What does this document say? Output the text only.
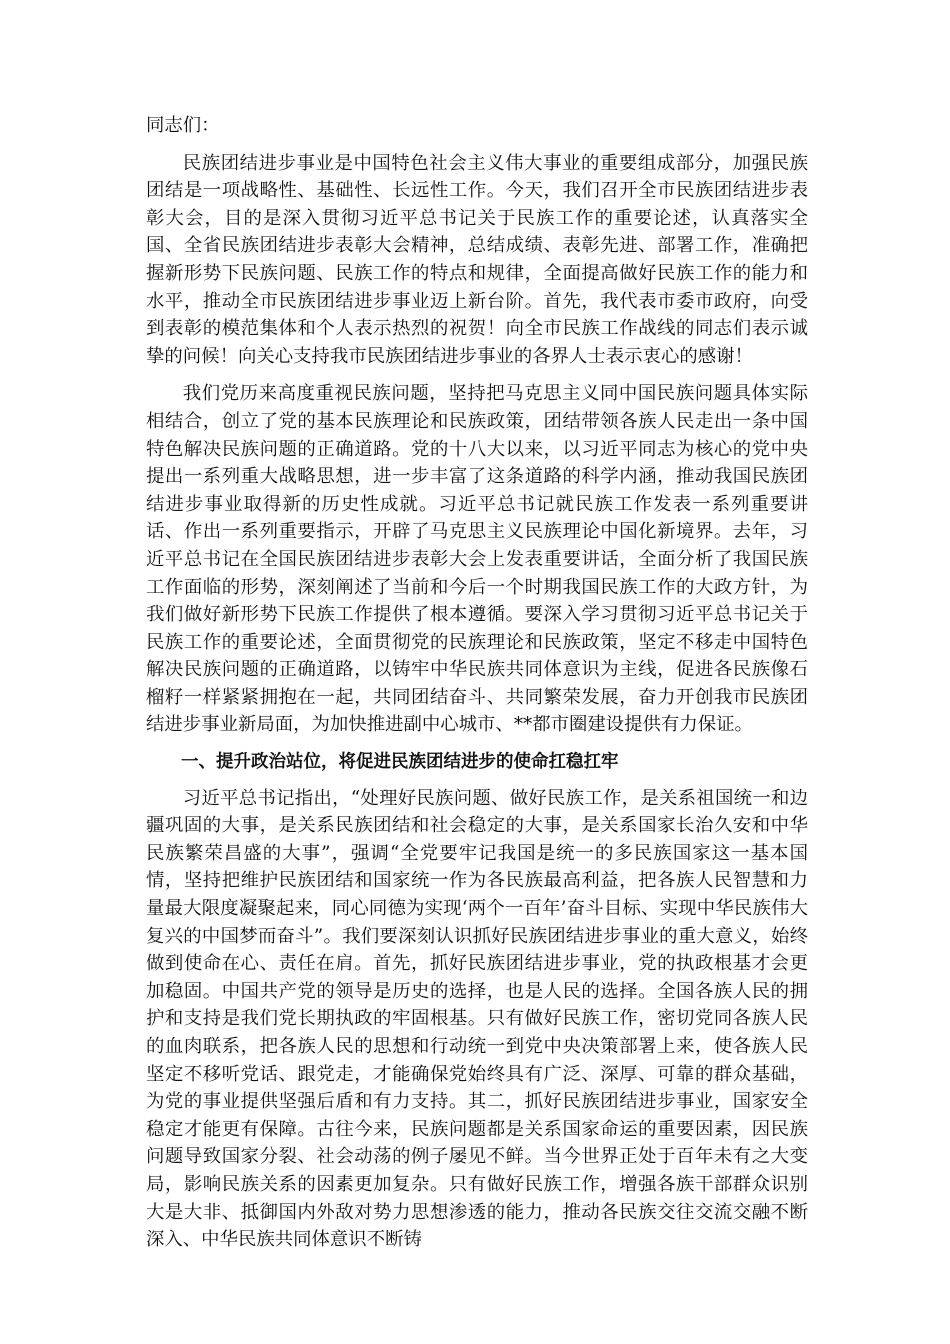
同志们：

民族团结进步事业是中国特色社会主义伟大事业的重要组成部分，加强民族团结是一项战略性、基础性、长远性工作。今天，我们召开全市民族团结进步表彰大会，目的是深入贯彻习近平总书记关于民族工作的重要论述，认真落实全国、全省民族团结进步表彰大会精神，总结成绩、表彰先进、部署工作，准确把握新形势下民族问题、民族工作的特点和规律，全面提高做好民族工作的能力和水平，推动全市民族团结进步事业迈上新台阶。首先，我代表市委市政府，向受到表彰的模范集体和个人表示热烈的祝贺！向全市民族工作战线的同志们表示诚挚的问候！向关心支持我市民族团结进步事业的各界人士表示衷心的感谢！

我们党历来高度重视民族问题，坚持把马克思主义同中国民族问题具体实际相结合，创立了党的基本民族理论和民族政策，团结带领各族人民走出一条中国特色解决民族问题的正确道路。党的十八大以来，以习近平同志为核心的党中央提出一系列重大战略思想，进一步丰富了这条道路的科学内涵，推动我国民族团结进步事业取得新的历史性成就。习近平总书记就民族工作发表一系列重要讲话、作出一系列重要指示，开辟了马克思主义民族理论中国化新境界。去年，习近平总书记在全国民族团结进步表彰大会上发表重要讲话，全面分析了我国民族工作面临的形势，深刻阐述了当前和今后一个时期我国民族工作的大政方针，为我们做好新形势下民族工作提供了根本遵循。要深入学习贯彻习近平总书记关于民族工作的重要论述，全面贯彻党的民族理论和民族政策，坚定不移走中国特色解决民族问题的正确道路，以铸牢中华民族共同体意识为主线，促进各民族像石榴籽一样紧紧拥抱在一起，共同团结奋斗、共同繁荣发展，奋力开创我市民族团结进步事业新局面，为加快推进副中心城市、**都市圈建设提供有力保证。

一、提升政治站位，将促进民族团结进步的使命扛稳扛牢

习近平总书记指出，“处理好民族问题、做好民族工作，是关系祖国统一和边疆巩固的大事，是关系民族团结和社会稳定的大事，是关系国家长治久安和中华民族繁荣昌盛的大事”，强调“全党要牢记我国是统一的多民族国家这一基本国情，坚持把维护民族团结和国家统一作为各民族最高利益，把各族人民智慧和力量最大限度凝聚起来，同心同德为实现‘两个一百年’奋斗目标、实现中华民族伟大复兴的中国梦而奋斗”。我们要深刻认识抓好民族团结进步事业的重大意义，始终做到使命在心、责任在肩。首先，抓好民族团结进步事业，党的执政根基才会更加稳固。中国共产党的领导是历史的选择，也是人民的选择。全国各族人民的拥护和支持是我们党长期执政的牢固根基。只有做好民族工作，密切党同各族人民的血肉联系，把各族人民的思想和行动统一到党中央决策部署上来，使各族人民坚定不移听党话、跟党走，才能确保党始终具有广泛、深厚、可靠的群众基础，为党的事业提供坚强后盾和有力支持。其二，抓好民族团结进步事业，国家安全稳定才能更有保障。古往今来，民族问题都是关系国家命运的重要因素，因民族问题导致国家分裂、社会动荡的例子屡见不鲜。当今世界正处于百年未有之大变局，影响民族关系的因素更加复杂。只有做好民族工作，增强各族干部群众识别大是大非、抵御国内外敌对势力思想渗透的能力，推动各民族交往交流交融不断深入、中华民族共同体意识不断铸
